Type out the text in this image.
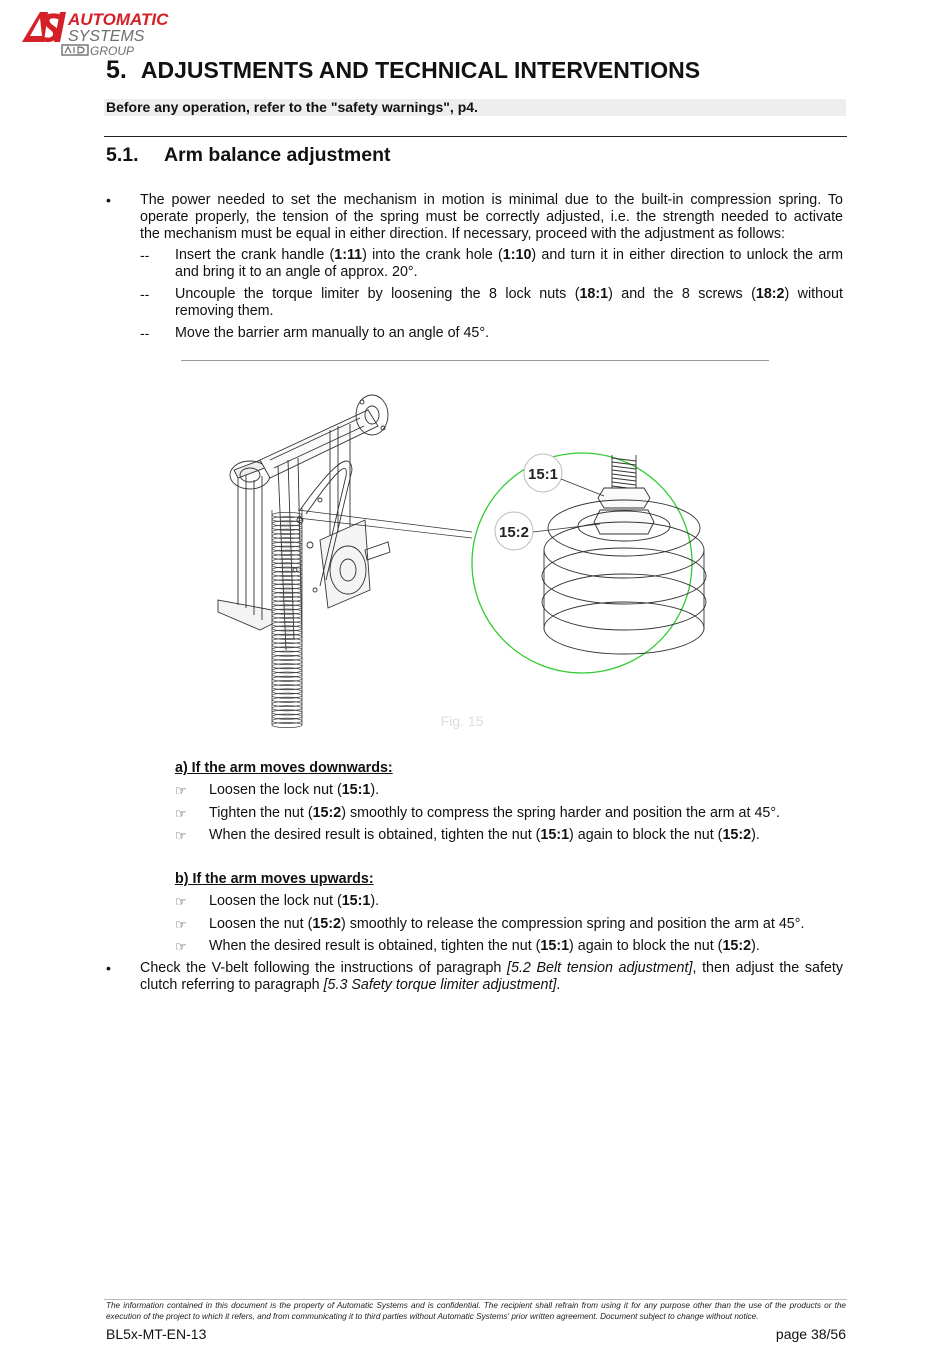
AUTOMATIC
SYSTEMS
GROUP
5. ADJUSTMENTS AND TECHNICAL INTERVENTIONS
Before any operation, refer to the "safety warnings", p4.
5.1. Arm balance adjustment
• The power needed to set the mechanism in motion is minimal due to the built-in compression spring. To
operate properly, the tension of the spring must be correctly adjusted, i.e. the strength needed to activate
the mechanism must be equal in either direction. If necessary, proceed with the adjustment as follows:
-- Insert the crank handle (1:11) into the crank hole (1:10) and turn it in either direction to unlock the arm
and bring it to an angle of approx. 20°.
-- Uncouple the torque limiter by loosening the 8 lock nuts (18:1) and the 8 screws (18:2) without
removing them.
-- Move the barrier arm manually to an angle of 45°.
15:1
15:2
Fig. 15
a) If the arm moves downwards:
☞ Loosen the lock nut (15:1).
☞ Tighten the nut (15:2) smoothly to compress the spring harder and position the arm at 45°.
☞ When the desired result is obtained, tighten the nut (15:1) again to block the nut (15:2).
b) If the arm moves upwards:
☞ Loosen the lock nut (15:1).
☞ Loosen the nut (15:2) smoothly to release the compression spring and position the arm at 45°.
☞ When the desired result is obtained, tighten the nut (15:1) again to block the nut (15:2).
• Check the V-belt following the instructions of paragraph [5.2 Belt tension adjustment], then adjust the safety
clutch referring to paragraph [5.3 Safety torque limiter adjustment].
The information contained in this document is the property of Automatic Systems and is confidential. The recipient shall refrain from using it for any purpose other than the use of the products or the
execution of the project to which it refers, and from communicating it to third parties without Automatic Systems' prior written agreement. Document subject to change without notice.
BL5x-MT-EN-13	page 38/56
